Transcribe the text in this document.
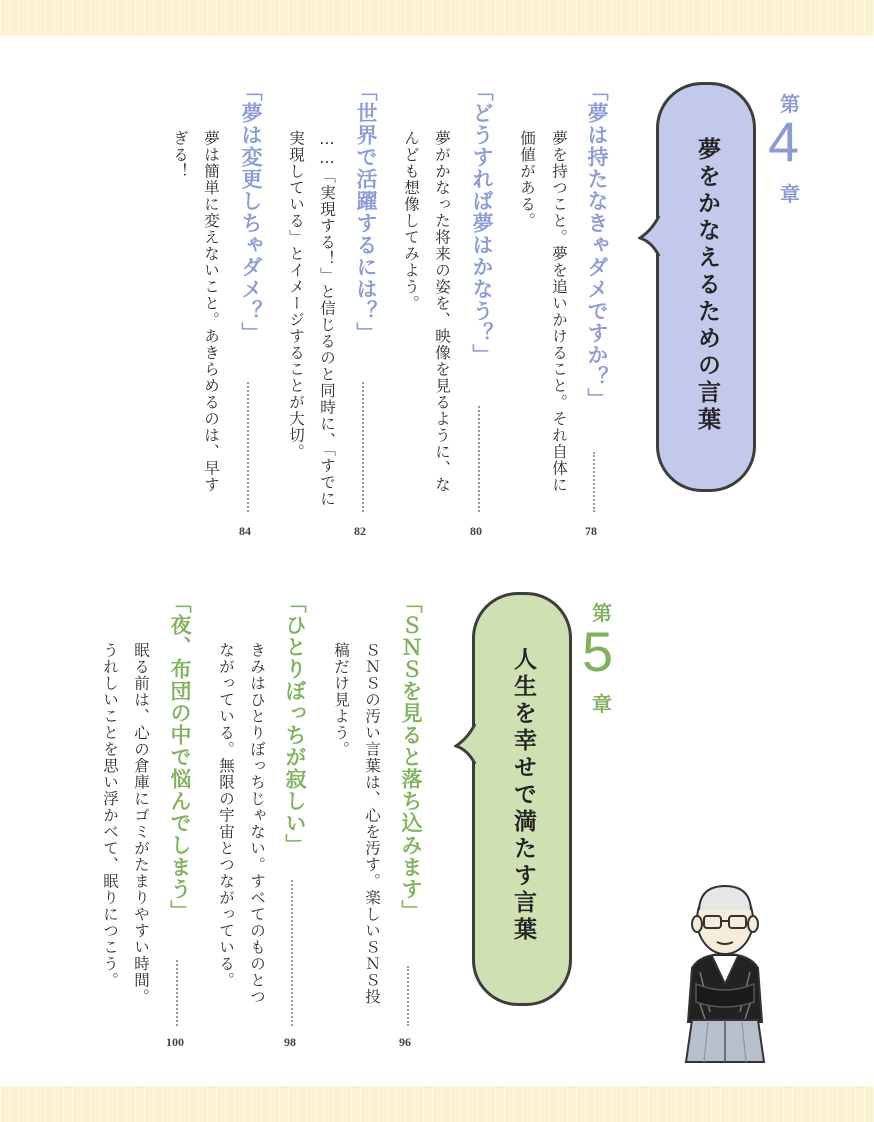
第
4
章
夢をかなえるための言葉
「夢は持たなきゃダメですか？」
夢を持つこと。夢を追いかけること。それ自体に
価値がある。
78
「どうすれば夢はかなう？」
夢がかなった将来の姿を、映像を見るように、な
んども想像してみよう。
80
「世界で活躍するには？」
……「実現する！」と信じるのと同時に、「すでに
実現している」とイメージすることが大切。
82
「夢は変更しちゃダメ？」
夢は簡単に変えないこと。あきらめるのは、早す
ぎる！
84
第
5
章
人生を幸せで満たす言葉
「ＳＮＳを見ると落ち込みます」
ＳＮＳの汚い言葉は、心を汚す。楽しいＳＮＳ投
稿だけ見よう。
96
「ひとりぼっちが寂しい」
きみはひとりぼっちじゃない。すべてのものとつ
ながっている。無限の宇宙とつながっている。
98
「夜、布団の中で悩んでしまう」
眠る前は、心の倉庫にゴミがたまりやすい時間。
うれしいことを思い浮かべて、眠りにつこう。
100
